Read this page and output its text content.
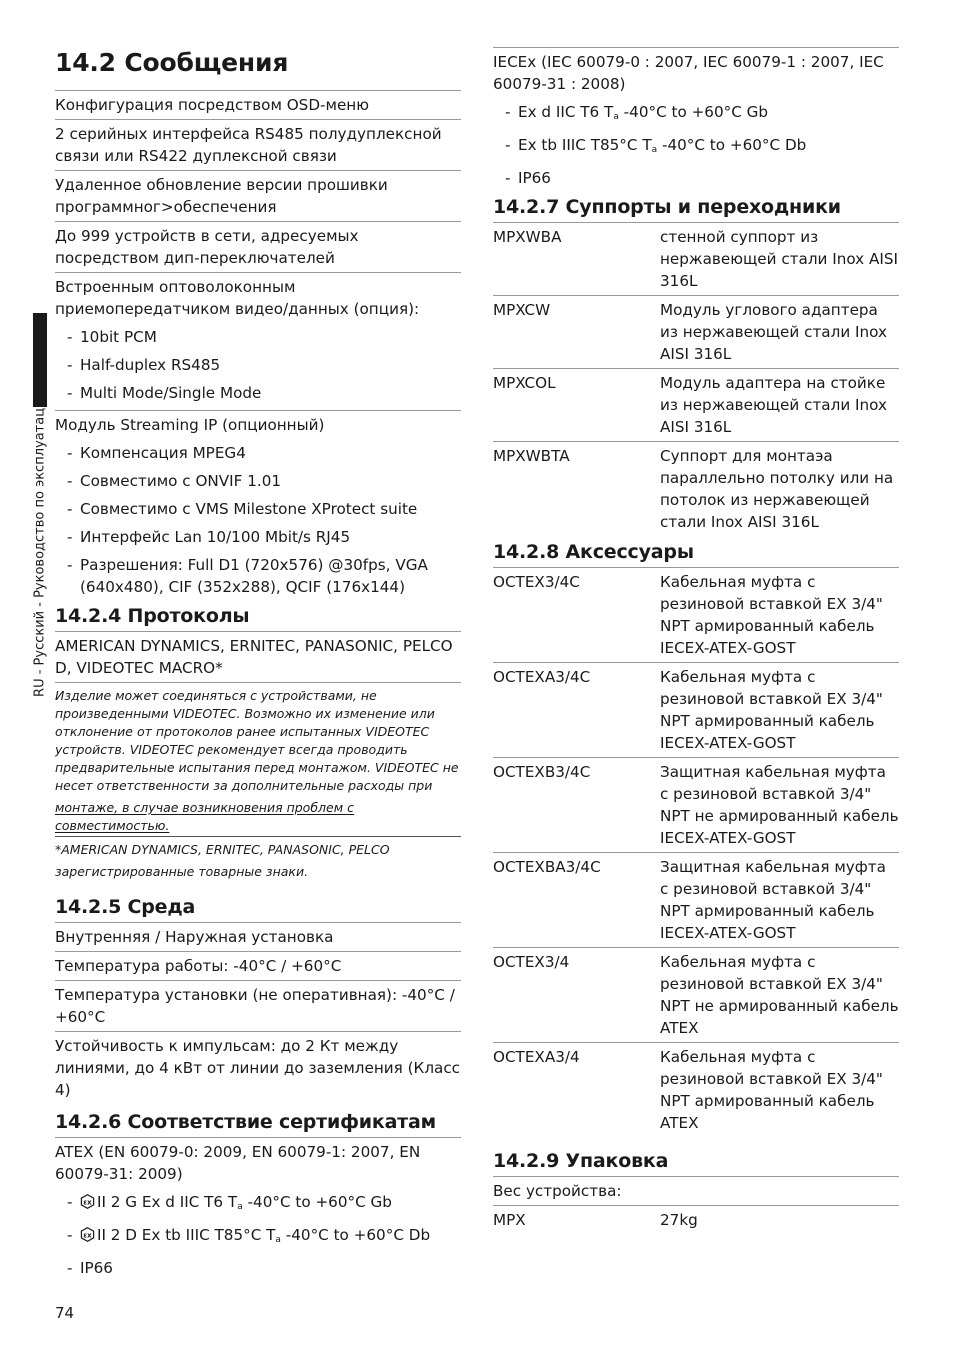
RU - Русский - Руководство по эксплуатации
14.2 Сообщения
Конфигурация посредством OSD-меню
2 серийных интерфейса RS485 полудуплексной связи или RS422 дуплексной связи
Удаленное обновление версии прошивки программног>обеспечения
До 999 устройств в сети, адресуемых посредством дип-переключателей
Встроенным оптоволоконным приемопередатчиком видео/данных (опция):
- 10bit PCM
- Half-duplex RS485
- Multi Mode/Single Mode
Модуль Streaming IP (опционный)
- Компенсация MPEG4
- Совместимо с ONVIF 1.01
- Совместимо с VMS Milestone XProtect suite
- Интерфейс Lan 10/100 Mbit/s RJ45
- Разрешения: Full D1 (720x576) @30fps, VGA (640x480), CIF (352x288), QCIF (176x144)
14.2.4 Протоколы
AMERICAN DYNAMICS, ERNITEC, PANASONIC, PELCO D, VIDEOTEC MACRO*
Изделие может соединяться с устройствами, не произведенными VIDEOTEC. Возможно их изменение или отклонение от протоколов ранее испытанных VIDEOTEC устройств. VIDEOTEC рекомендует всегда проводить предварительные испытания перед монтажом. VIDEOTEC не несет ответственности за дополнительные расходы при
монтаже, в случае возникновения проблем с совместимостью.
*AMERICAN DYNAMICS, ERNITEC, PANASONIC, PELCO
зарегистрированные товарные знаки.
14.2.5 Среда
Внутренняя / Наружная установка
Температура работы: -40°C / +60°C
Температура установки (не оперативная): -40°C / +60°C
Устойчивость к импульсам: до 2 Кт между линиями, до 4 кВт от линии до заземления (Класс 4)
14.2.6 Соответствие сертификатам
ATEX (EN 60079-0: 2009, EN 60079-1: 2007, EN 60079-31: 2009)
- εx II 2 G Ex d IIC T6 $T_a$ -40°C to +60°C Gb
- εx II 2 D Ex tb IIIC T85°C $T_a$ -40°C to +60°C Db
- IP66
IECEx (IEC 60079-0 : 2007, IEC 60079-1 : 2007, IEC 60079-31 : 2008)
- Ex d IIC T6 $T_a$ -40°C to +60°C Gb
- Ex tb IIIC T85°C $T_a$ -40°C to +60°C Db
- IP66
14.2.7 Суппорты и переходники
MPXWBA	стенной суппорт из нержавеющей стали Inox AISI 316L
MPXCW	Модуль углового адаптера из нержавеющей стали Inox AISI 316L
MPXCOL	Модуль адаптера на стойке из нержавеющей стали Inox AISI 316L
MPXWBTA	Суппорт для монтаэа параллельно потолку или на потолок из нержавеющей стали Inox AISI 316L
14.2.8 Аксессуары
OCTEX3/4C	Кабельная муфта с резиновой вставкой EX 3/4" NPT армированный кабель IECEX-ATEX-GOST
OCTEXA3/4C	Кабельная муфта с резиновой вставкой EX 3/4" NPT армированный кабель IECEX-ATEX-GOST
OCTEXB3/4C	Защитная кабельная муфта с резиновой вставкой 3/4" NPT не армированный кабель IECEX-ATEX-GOST
OCTEXBA3/4C	Защитная кабельная муфта с резиновой вставкой 3/4" NPT армированный кабель IECEX-ATEX-GOST
OCTEX3/4	Кабельная муфта с резиновой вставкой EX 3/4" NPT не армированный кабель ATEX
OCTEXA3/4	Кабельная муфта с резиновой вставкой EX 3/4" NPT армированный кабель ATEX
14.2.9 Упаковка
Вес устройства:
MPX	27kg
74
